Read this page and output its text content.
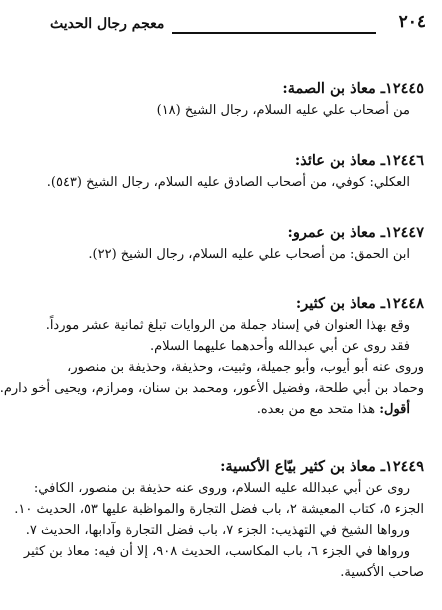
٢٠٤
معجم رجال الحديث
١٢٤٤٥ـ معاذ بن الصمة:
من أصحاب علي عليه السلام، رجال الشيخ (١٨)
١٢٤٤٦ـ معاذ بن عائذ:
العكلي: كوفي، من أصحاب الصادق عليه السلام، رجال الشيخ (٥٤٣).
١٢٤٤٧ـ معاذ بن عمرو:
ابن الحمق: من أصحاب علي عليه السلام، رجال الشيخ (٢٢).
١٢٤٤٨ـ معاذ بن كثير:
وقع بهذا العنوان في إسناد جملة من الروايات تبلغ ثمانية عشر مورداً.
فقد روى عن أبي عبدالله وأحدهما عليهما السلام.
وروى عنه أبو أيوب، وأبو جميلة، وثبيت، وحذيفة، وحذيفة بن منصور،
وحماد بن أبي طلحة، وفضيل الأعور، ومحمد بن سنان، ومرازم، ويحيى أخو دارم.
أقول: هذا متحد مع من بعده.
١٢٤٤٩ـ معاذ بن كثير بيّاع الأكسية:
روى عن أبي عبدالله عليه السلام، وروى عنه حذيفة بن منصور، الكافي:
الجزء ٥، كتاب المعيشة ٢، باب فضل التجارة والمواظبة عليها ٥٣، الحديث ١٠.
ورواها الشيخ في التهذيب: الجزء ٧، باب فضل التجارة وآدابها، الحديث ٧.
ورواها في الجزء ٦، باب المكاسب، الحديث ٩٠٨، إلا أن فيه: معاذ بن كثير
صاحب الأكسية.
